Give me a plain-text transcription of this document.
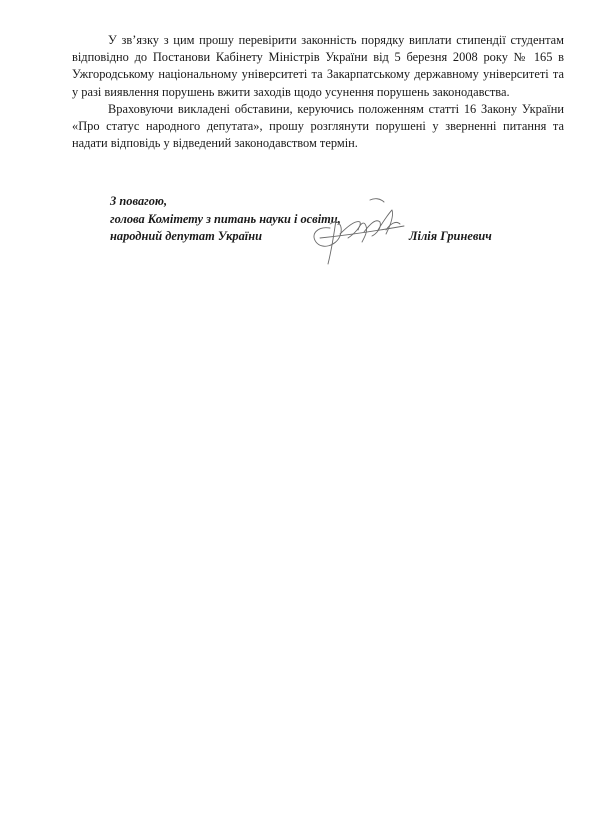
У зв’язку з цим прошу перевірити законність порядку виплати стипендії студентам відповідно до Постанови Кабінету Міністрів України від 5 березня 2008 року № 165 в Ужгородському національному університеті та Закарпатському державному університеті та у разі виявлення порушень вжити заходів щодо усунення порушень законодавства.

Враховуючи викладені обставини, керуючись положенням статті 16 Закону України «Про статус народного депутата», прошу розглянути порушені у зверненні питання та надати відповідь у відведений законодавством термін.

З повагою,
голова Комітету з питань науки і освіти,
народний депутат України	Лілія Гриневич
